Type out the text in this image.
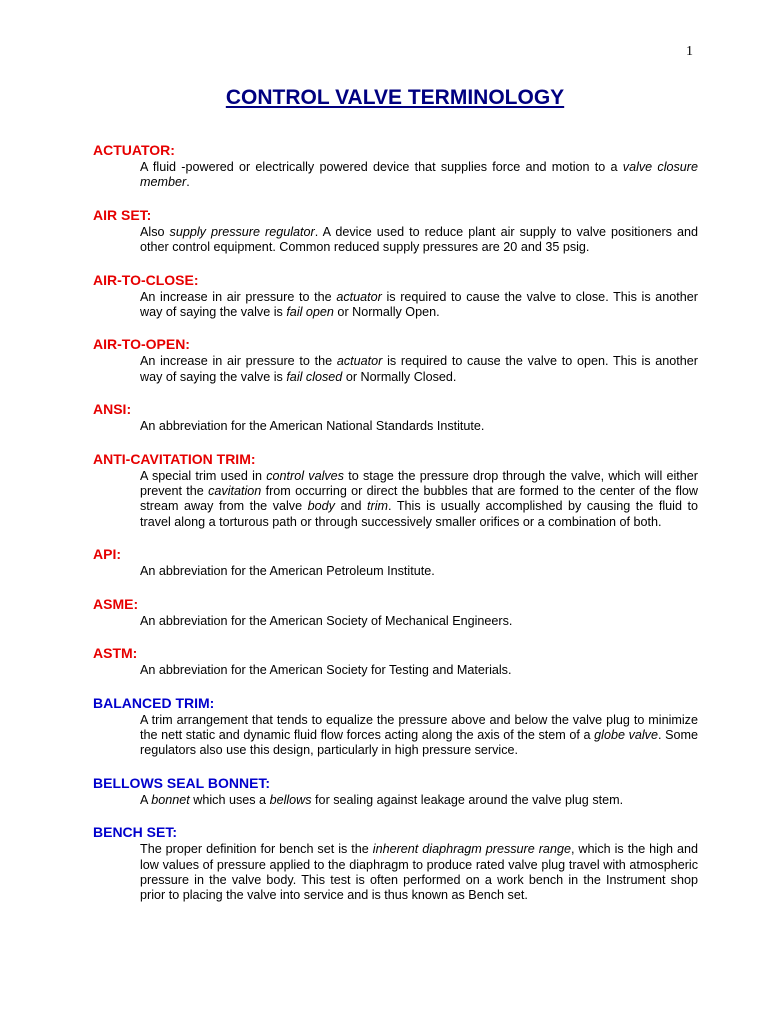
1
CONTROL VALVE TERMINOLOGY
ACTUATOR:
A fluid -powered or electrically powered device that supplies force and motion to a valve closure member.
AIR SET:
Also supply pressure regulator. A device used to reduce plant air supply to valve positioners and other control equipment. Common reduced supply pressures are 20 and 35 psig.
AIR-TO-CLOSE:
An increase in air pressure to the actuator is required to cause the valve to close. This is another way of saying the valve is fail open or Normally Open.
AIR-TO-OPEN:
An increase in air pressure to the actuator is required to cause the valve to open. This is another way of saying the valve is fail closed or Normally Closed.
ANSI:
An abbreviation for the American National Standards Institute.
ANTI-CAVITATION TRIM:
A special trim used in control valves to stage the pressure drop through the valve, which will either prevent the cavitation from occurring or direct the bubbles that are formed to the center of the flow stream away from the valve body and trim. This is usually accomplished by causing the fluid to travel along a torturous path or through successively smaller orifices or a combination of both.
API:
An abbreviation for the American Petroleum Institute.
ASME:
An abbreviation for the American Society of Mechanical Engineers.
ASTM:
An abbreviation for the American Society for Testing and Materials.
BALANCED TRIM:
A trim arrangement that tends to equalize the pressure above and below the valve plug to minimize the nett static and dynamic fluid flow forces acting along the axis of the stem of a globe valve. Some regulators also use this design, particularly in high pressure service.
BELLOWS SEAL BONNET:
A bonnet which uses a bellows for sealing against leakage around the valve plug stem.
BENCH SET:
The proper definition for bench set is the inherent diaphragm pressure range, which is the high and low values of pressure applied to the diaphragm to produce rated valve plug travel with atmospheric pressure in the valve body. This test is often performed on a work bench in the Instrument shop prior to placing the valve into service and is thus known as Bench set.
